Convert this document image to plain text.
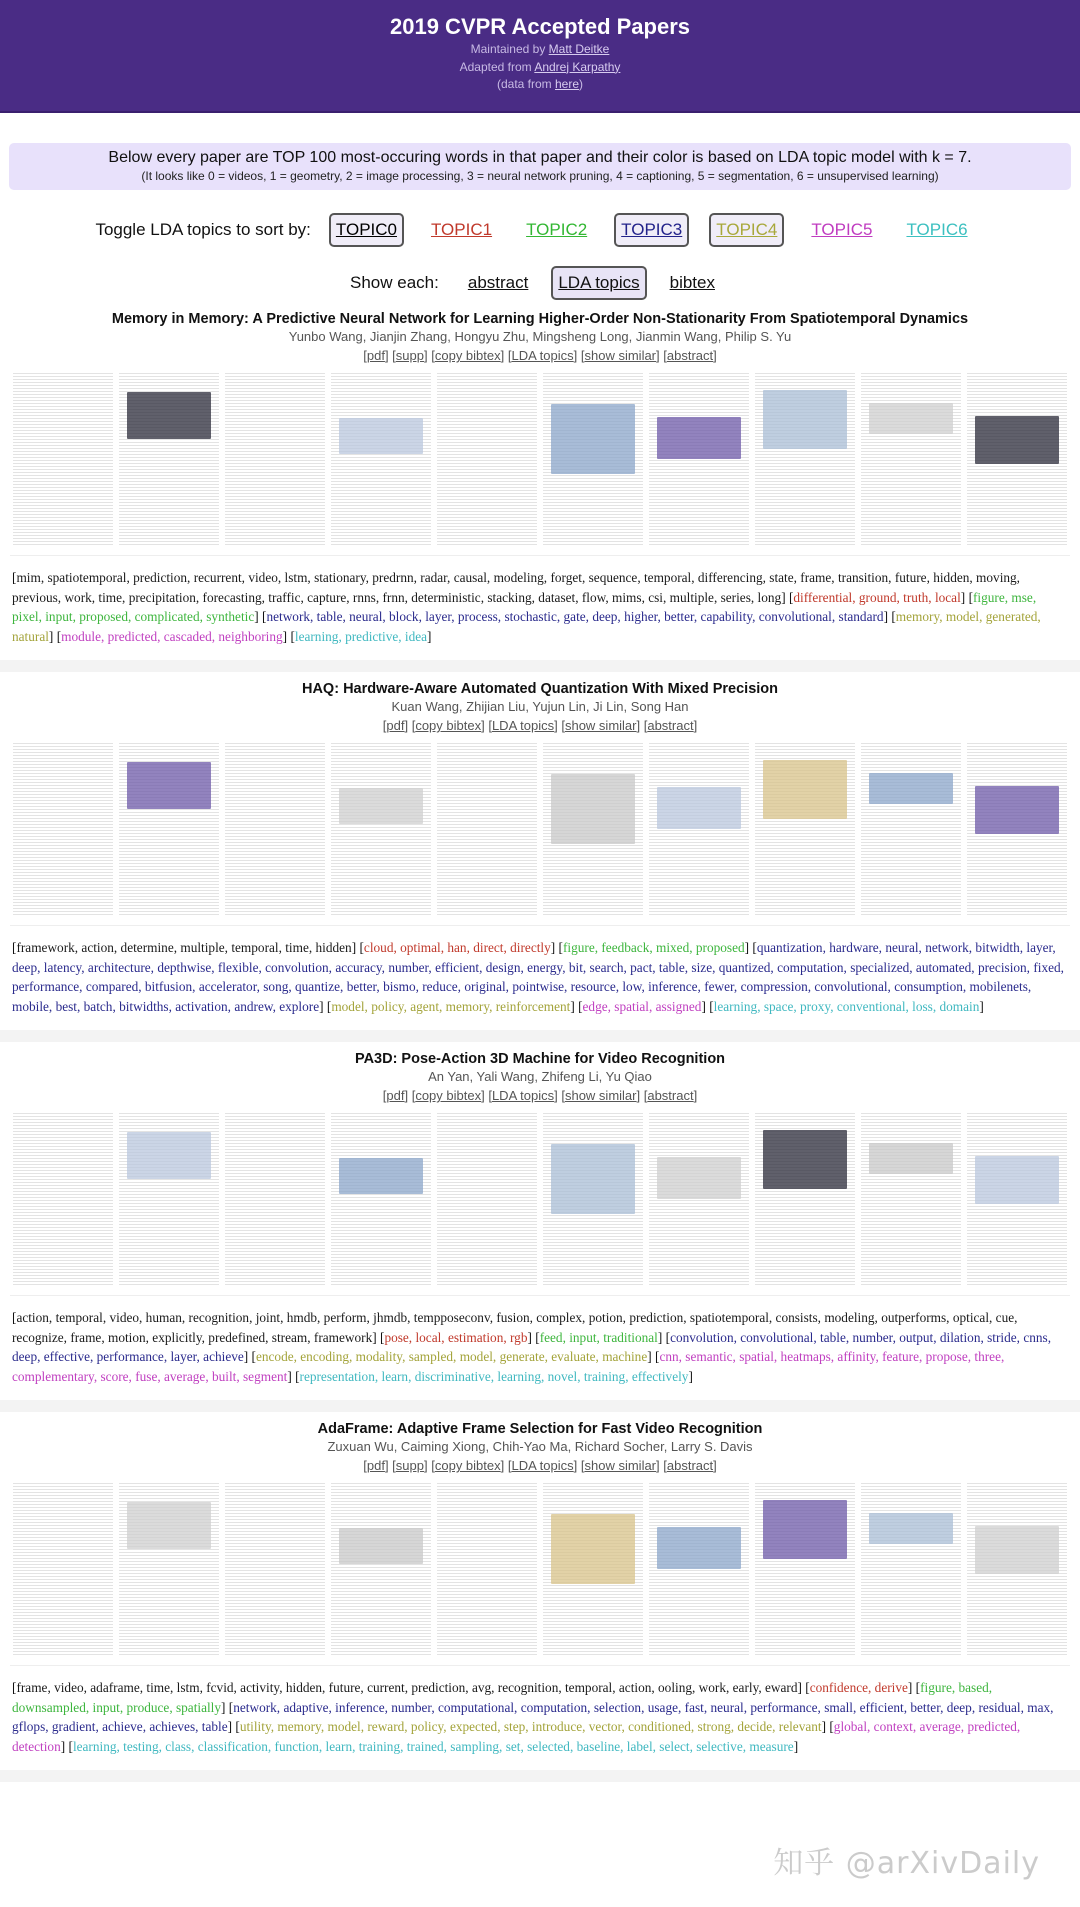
2019 CVPR Accepted Papers
Maintained by Matt Deitke
Adapted from Andrej Karpathy
(data from here)
Below every paper are TOP 100 most-occuring words in that paper and their color is based on LDA topic model with k = 7.
(It looks like 0 = videos, 1 = geometry, 2 = image processing, 3 = neural network pruning, 4 = captioning, 5 = segmentation, 6 = unsupervised learning)
Toggle LDA topics to sort by:	TOPIC0 TOPIC1 TOPIC2 TOPIC3 TOPIC4 TOPIC5 TOPIC6
Show each:	abstract LDA topics bibtex
Memory in Memory: A Predictive Neural Network for Learning Higher-Order Non-Stationarity From Spatiotemporal Dynamics
Yunbo Wang, Jianjin Zhang, Hongyu Zhu, Mingsheng Long, Jianmin Wang, Philip S. Yu
[pdf] [supp] [copy bibtex] [LDA topics] [show similar] [abstract]
[mim, spatiotemporal, prediction, recurrent, video, lstm, stationary, predrnn, radar, causal, modeling, forget, sequence, temporal, differencing, state, frame, transition, future, hidden, moving, previous, work, time, precipitation, forecasting, traffic, capture, rnns, frnn, deterministic, stacking, dataset, flow, mims, csi, multiple, series, long] [differential, ground, truth, local] [figure, mse, pixel, input, proposed, complicated, synthetic] [network, table, neural, block, layer, process, stochastic, gate, deep, higher, better, capability, convolutional, standard] [memory, model, generated, natural] [module, predicted, cascaded, neighboring] [learning, predictive, idea]
HAQ: Hardware-Aware Automated Quantization With Mixed Precision
Kuan Wang, Zhijian Liu, Yujun Lin, Ji Lin, Song Han
[pdf] [copy bibtex] [LDA topics] [show similar] [abstract]
[framework, action, determine, multiple, temporal, time, hidden] [cloud, optimal, han, direct, directly] [figure, feedback, mixed, proposed] [quantization, hardware, neural, network, bitwidth, layer, deep, latency, architecture, depthwise, flexible, convolution, accuracy, number, efficient, design, energy, bit, search, pact, table, size, quantized, computation, specialized, automated, precision, fixed, performance, compared, bitfusion, accelerator, song, quantize, better, bismo, reduce, original, pointwise, resource, low, inference, fewer, compression, convolutional, consumption, mobilenets, mobile, best, batch, bitwidths, activation, andrew, explore] [model, policy, agent, memory, reinforcement] [edge, spatial, assigned] [learning, space, proxy, conventional, loss, domain]
PA3D: Pose-Action 3D Machine for Video Recognition
An Yan, Yali Wang, Zhifeng Li, Yu Qiao
[pdf] [copy bibtex] [LDA topics] [show similar] [abstract]
[action, temporal, video, human, recognition, joint, hmdb, perform, jhmdb, tempposeconv, fusion, complex, potion, prediction, spatiotemporal, consists, modeling, outperforms, optical, cue, recognize, frame, motion, explicitly, predefined, stream, framework] [pose, local, estimation, rgb] [feed, input, traditional] [convolution, convolutional, table, number, output, dilation, stride, cnns, deep, effective, performance, layer, achieve] [encode, encoding, modality, sampled, model, generate, evaluate, machine] [cnn, semantic, spatial, heatmaps, affinity, feature, propose, three, complementary, score, fuse, average, built, segment] [representation, learn, discriminative, learning, novel, training, effectively]
AdaFrame: Adaptive Frame Selection for Fast Video Recognition
Zuxuan Wu, Caiming Xiong, Chih-Yao Ma, Richard Socher, Larry S. Davis
[pdf] [supp] [copy bibtex] [LDA topics] [show similar] [abstract]
[frame, video, adaframe, time, lstm, fcvid, activity, hidden, future, current, prediction, avg, recognition, temporal, action, ooling, work, early, eward] [confidence, derive] [figure, based, downsampled, input, produce, spatially] [network, adaptive, inference, number, computational, computation, selection, usage, fast, neural, performance, small, efficient, better, deep, residual, max, gflops, gradient, achieve, achieves, table] [utility, memory, model, reward, policy, expected, step, introduce, vector, conditioned, strong, decide, relevant] [global, context, average, predicted, detection] [learning, testing, class, classification, function, learn, training, trained, sampling, set, selected, baseline, label, select, selective, measure]
知乎 @arXivDaily
